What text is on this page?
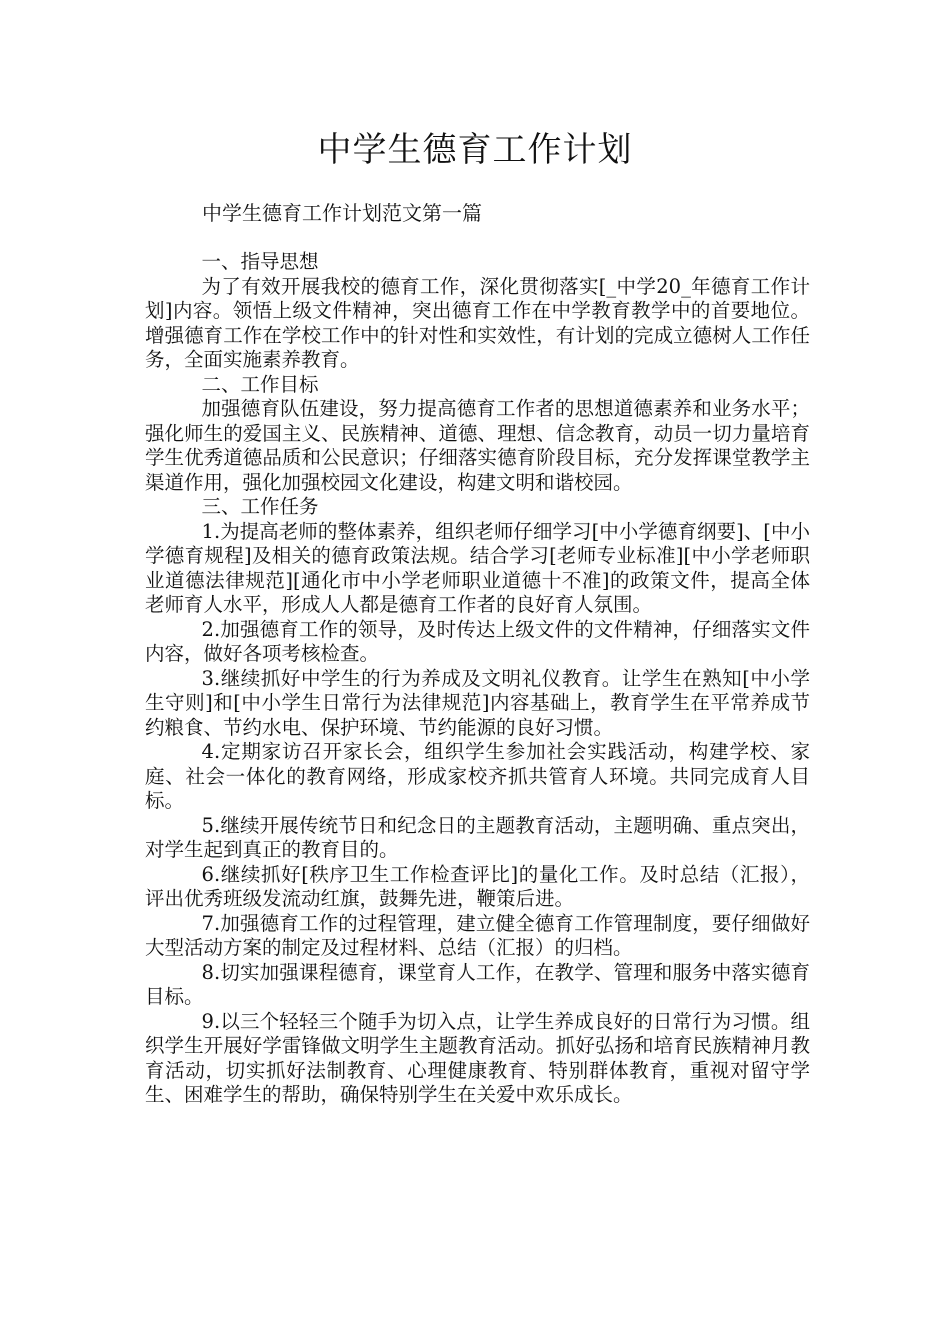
中学生德育工作计划
中学生德育工作计划范文第一篇

一、指导思想

为了有效开展我校的德育工作，深化贯彻落实[_中学20_年德育工作计划]内容。领悟上级文件精神，突出德育工作在中学教育教学中的首要地位。增强德育工作在学校工作中的针对性和实效性，有计划的完成立德树人工作任务，全面实施素养教育。

二、工作目标

加强德育队伍建设，努力提高德育工作者的思想道德素养和业务水平；强化师生的爱国主义、民族精神、道德、理想、信念教育，动员一切力量培育学生优秀道德品质和公民意识；仔细落实德育阶段目标，充分发挥课堂教学主渠道作用，强化加强校园文化建设，构建文明和谐校园。

三、工作任务

1.为提高老师的整体素养，组织老师仔细学习[中小学德育纲要]、[中小学德育规程]及相关的德育政策法规。结合学习[老师专业标准][中小学老师职业道德法律规范][通化市中小学老师职业道德十不准]的政策文件，提高全体老师育人水平，形成人人都是德育工作者的良好育人氛围。

2.加强德育工作的领导，及时传达上级文件的文件精神，仔细落实文件内容，做好各项考核检查。

3.继续抓好中学生的行为养成及文明礼仪教育。让学生在熟知[中小学生守则]和[中小学生日常行为法律规范]内容基础上，教育学生在平常养成节约粮食、节约水电、保护环境、节约能源的良好习惯。

4.定期家访召开家长会，组织学生参加社会实践活动，构建学校、家庭、社会一体化的教育网络，形成家校齐抓共管育人环境。共同完成育人目标。

5.继续开展传统节日和纪念日的主题教育活动，主题明确、重点突出，对学生起到真正的教育目的。

6.继续抓好[秩序卫生工作检查评比]的量化工作。及时总结（汇报），评出优秀班级发流动红旗，鼓舞先进，鞭策后进。

7.加强德育工作的过程管理，建立健全德育工作管理制度，要仔细做好大型活动方案的制定及过程材料、总结（汇报）的归档。

8.切实加强课程德育，课堂育人工作，在教学、管理和服务中落实德育目标。

9.以三个轻轻三个随手为切入点，让学生养成良好的日常行为习惯。组织学生开展好学雷锋做文明学生主题教育活动。抓好弘扬和培育民族精神月教育活动，切实抓好法制教育、心理健康教育、特别群体教育，重视对留守学生、困难学生的帮助，确保特别学生在关爱中欢乐成长。
